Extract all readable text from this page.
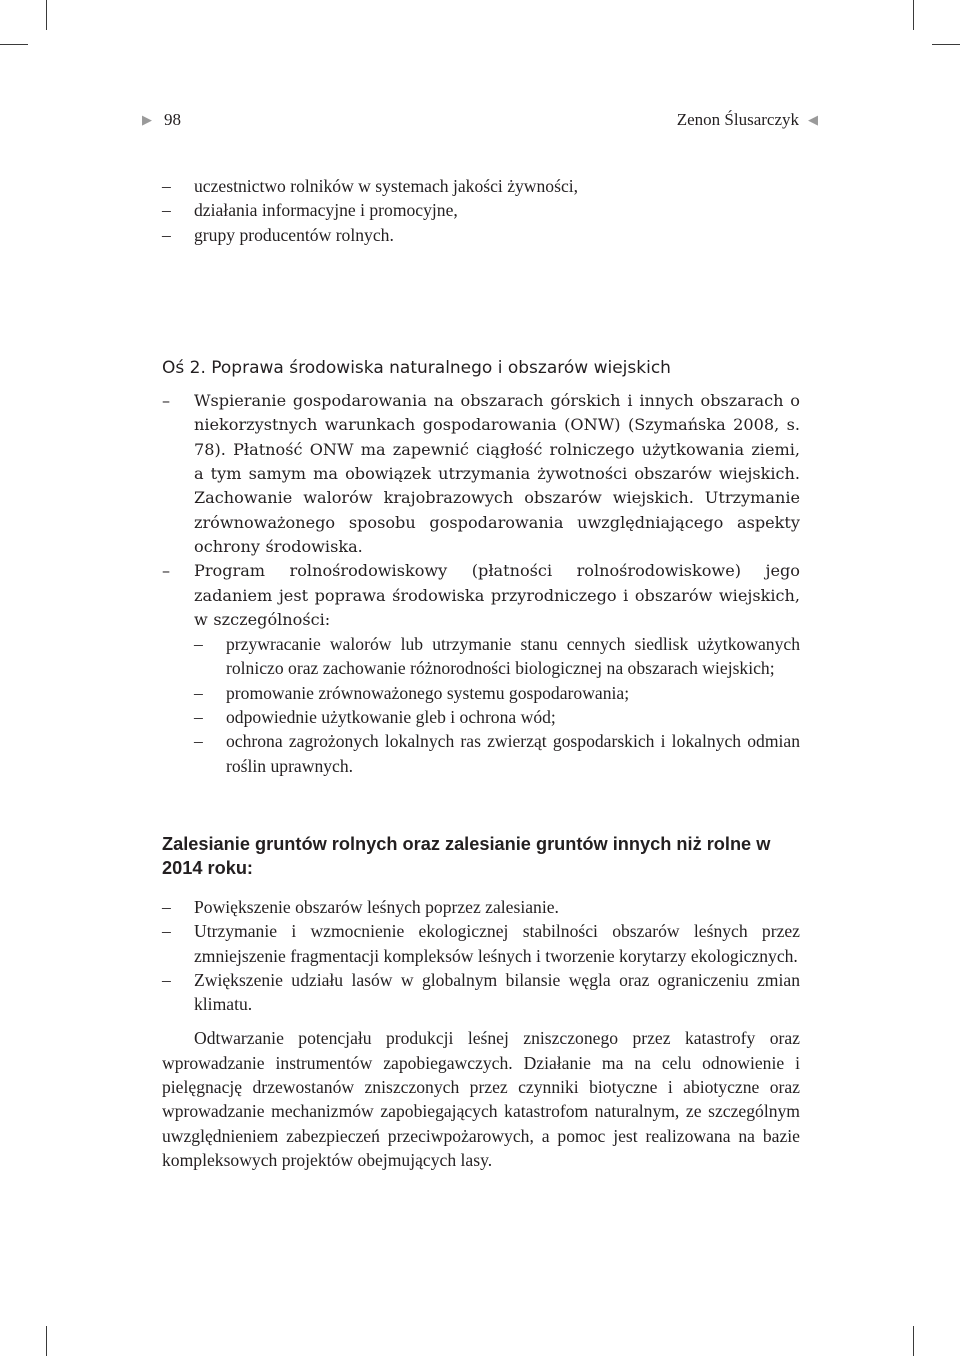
▶ 98	Zenon Ślusarczyk ◀
– uczestnictwo rolników w systemach jakości żywności,
– działania informacyjne i promocyjne,
– grupy producentów rolnych.
Oś 2. Poprawa środowiska naturalnego i obszarów wiejskich
– Wspieranie gospodarowania na obszarach górskich i innych obszarach o niekorzystnych warunkach gospodarowania (ONW) (Szymańska 2008, s. 78). Płatność ONW ma zapewnić ciągłość rolniczego użytkowania ziemi, a tym samym ma obowiązek utrzymania żywotności obszarów wiejskich. Zachowanie walorów krajobrazowych obszarów wiejskich. Utrzymanie zrównoważonego sposobu gospodarowania uwzględniającego aspekty ochrony środowiska.
– Program rolnośrodowiskowy (płatności rolnośrodowiskowe) jego zadaniem jest poprawa środowiska przyrodniczego i obszarów wiejskich, w szczególności:
– przywracanie walorów lub utrzymanie stanu cennych siedlisk użytkowanych rolniczo oraz zachowanie różnorodności biologicznej na obszarach wiejskich;
– promowanie zrównoważonego systemu gospodarowania;
– odpowiednie użytkowanie gleb i ochrona wód;
– ochrona zagrożonych lokalnych ras zwierząt gospodarskich i lokalnych odmian roślin uprawnych.
Zalesianie gruntów rolnych oraz zalesianie gruntów innych niż rolne w 2014 roku:
– Powiększenie obszarów leśnych poprzez zalesianie.
– Utrzymanie i wzmocnienie ekologicznej stabilności obszarów leśnych przez zmniejszenie fragmentacji kompleksów leśnych i tworzenie korytarzy ekologicznych.
– Zwiększenie udziału lasów w globalnym bilansie węgla oraz ograniczeniu zmian klimatu.
Odtwarzanie potencjału produkcji leśnej zniszczonego przez katastrofy oraz wprowadzanie instrumentów zapobiegawczych. Działanie ma na celu odnowienie i pielęgnację drzewostanów zniszczonych przez czynniki biotyczne i abiotyczne oraz wprowadzanie mechanizmów zapobiegających katastrofom naturalnym, ze szczególnym uwzględnieniem zabezpieczeń przeciwpożarowych, a pomoc jest realizowana na bazie kompleksowych projektów obejmujących lasy.
